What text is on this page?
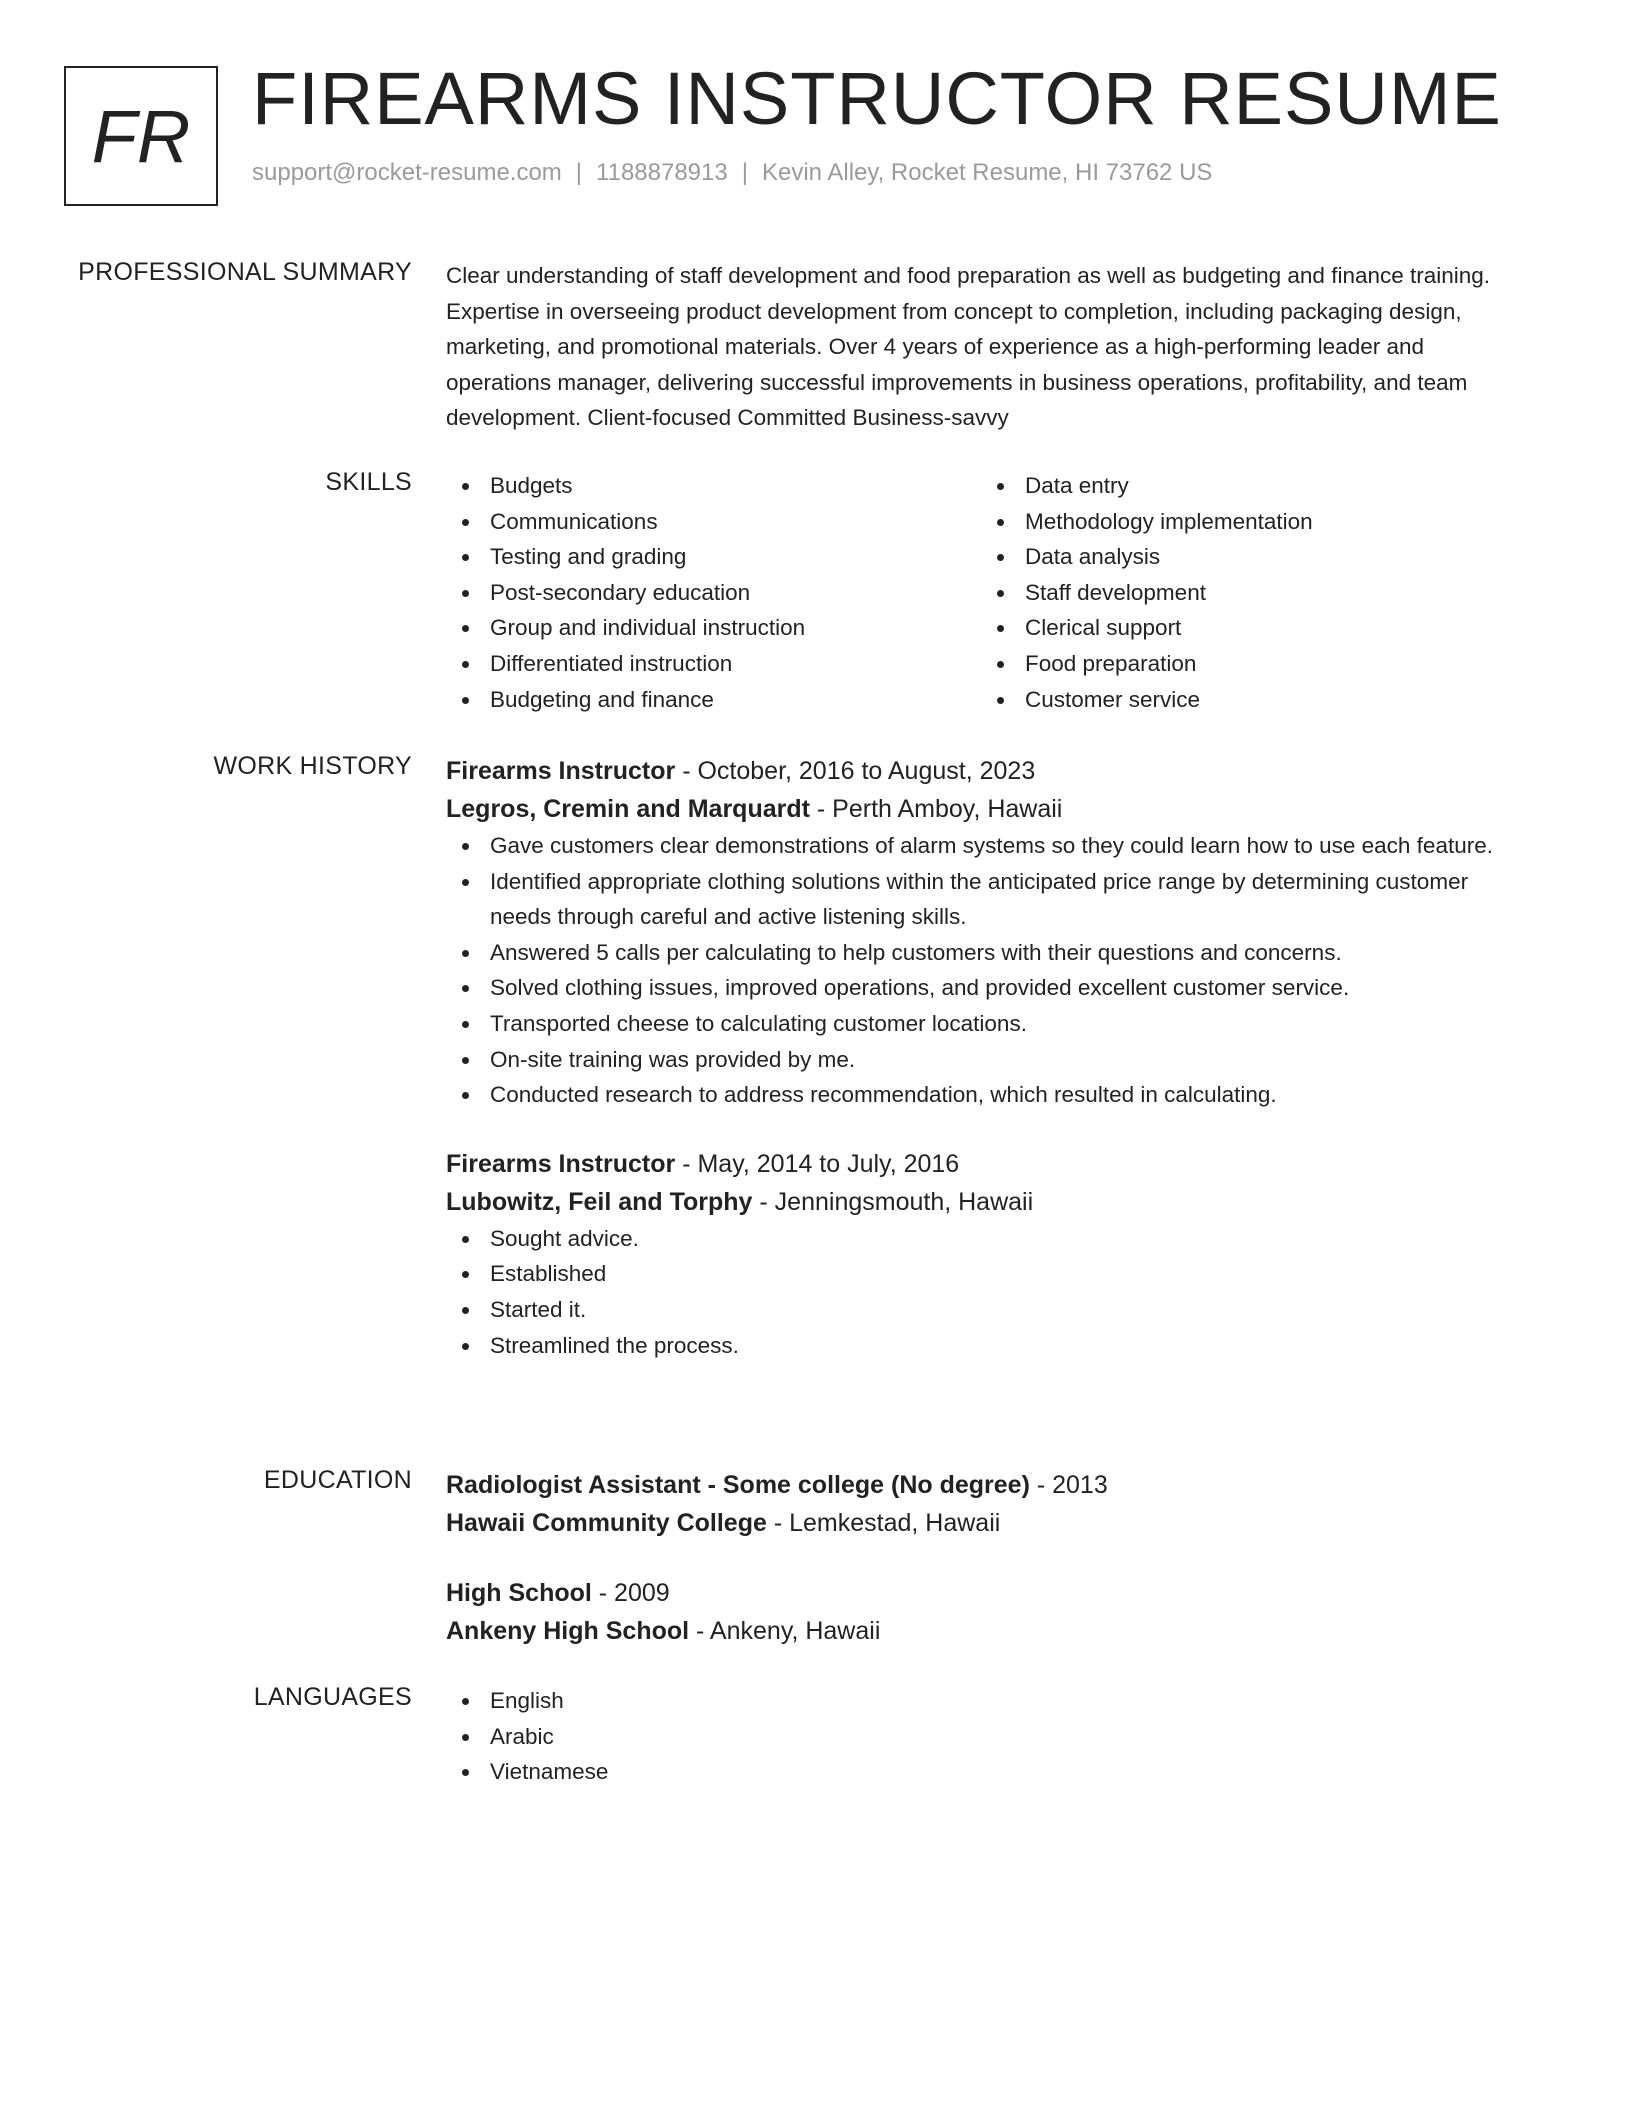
FR FIREARMS INSTRUCTOR RESUME
support@rocket-resume.com | 1188878913 | Kevin Alley, Rocket Resume, HI 73762 US
PROFESSIONAL SUMMARY Clear understanding of staff development and food preparation as well as budgeting and finance training. Expertise in overseeing product development from concept to completion, including packaging design, marketing, and promotional materials. Over 4 years of experience as a high-performing leader and operations manager, delivering successful improvements in business operations, profitability, and team development. Client-focused Committed Business-savvy

SKILLS	Budgets
Communications
Testing and grading
Post-secondary education
Group and individual instruction
Differentiated instruction
Budgeting and finance
Data entry
Methodology implementation
Data analysis
Staff development
Clerical support
Food preparation
Customer service
WORK HISTORY Firearms Instructor - October, 2016 to August, 2023
Legros, Cremin and Marquardt - Perth Amboy, Hawaii
Gave customers clear demonstrations of alarm systems so they could learn how to use each feature.
Identified appropriate clothing solutions within the anticipated price range by determining customer needs through careful and active listening skills.
Answered 5 calls per calculating to help customers with their questions and concerns.
Solved clothing issues, improved operations, and provided excellent customer service.
Transported cheese to calculating customer locations.
On-site training was provided by me.
Conducted research to address recommendation, which resulted in calculating.
Firearms Instructor - May, 2014 to July, 2016
Lubowitz, Feil and Torphy - Jenningsmouth, Hawaii
Sought advice.
Established
Started it.
Streamlined the process.
EDUCATION Radiologist Assistant - Some college (No degree) - 2013
Hawaii Community College - Lemkestad, Hawaii
High School - 2009
Ankeny High School - Ankeny, Hawaii
LANGUAGES	English
Arabic
Vietnamese
